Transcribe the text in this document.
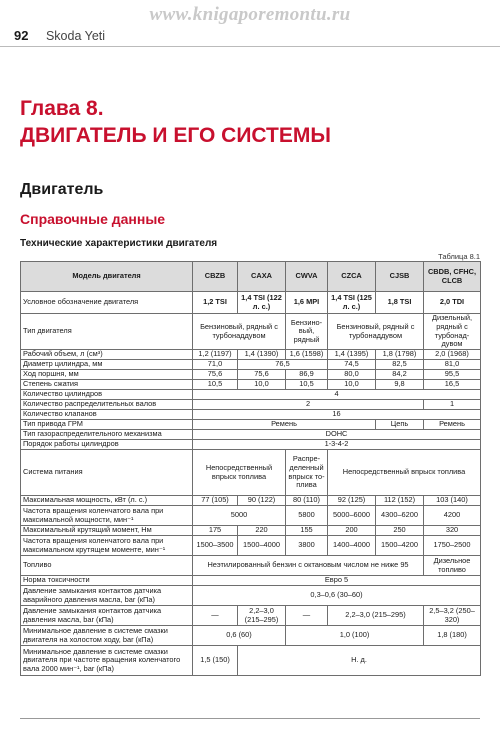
www.knigaporemontu.ru
92 Skoda Yeti
Глава 8.
ДВИГАТЕЛЬ И ЕГО СИСТЕМЫ
Двигатель
Справочные данные
Технические характеристики двигателя
Таблица 8.1
Модель двигателя	CBZB	CAXA	CWVA	CZCA	CJSB	CBDB, CFHC, CLCB
Условное обозначение двигателя	1,2 TSI	1,4 TSI (122 л. с.)	1,6 MPI	1,4 TSI (125 л. с.)	1,8 TSI	2,0 TDI
Тип двигателя	Бензиновый, рядный с турбонаддувом		Бензино-вый, рядный	Бензиновый, рядный с турбонаддувом		Дизельный, рядный с турбонад-дувом
Рабочий объем, л (см³)	1,2 (1197)	1,4 (1390)	1,6 (1598)	1,4 (1395)	1,8 (1798)	2,0 (1968)
Диаметр цилиндра, мм	71,0	76,5		74,5	82,5	81,0
Ход поршня, мм	75,6	75,6	86,9	80,0	84,2	95,5
Степень сжатия	10,5	10,0	10,5	10,0	9,8	16,5
Количество цилиндров	4					
Количество распределительных валов	2					1
Количество клапанов	16					
Тип привода ГРМ	Ремень				Цепь	Ремень
Тип газораспределительного механизма	DOHC					
Порядок работы цилиндров	1-3-4-2					
Система питания	Непосредственный впрыск топлива		Распре-деленный впрыск то-плива	Непосредственный впрыск топлива		
Максимальная мощность, кВт (л. с.)	77 (105)	90 (122)	80 (110)	92 (125)	112 (152)	103 (140)
Частота вращения коленчатого вала при максимальной мощности, мин⁻¹	5000		5800	5000–6000	4300–6200	4200
Максимальный крутящий момент, Нм	175	220	155	200	250	320
Частота вращения коленчатого вала при максимальном крутящем моменте, мин⁻¹	1500–3500	1500–4000	3800	1400–4000	1500–4200	1750–2500
Топливо	Неэтилированный бензин с октановым числом не ниже 95					Дизельное топливо
Норма токсичности	Евро 5					
Давление замыкания контактов датчика аварийного давления масла, bar (кПа)	0,3–0,6 (30–60)					
Давление замыкания контактов датчика давления масла, bar (кПа)	—	2,2–3,0 (215–295)	—	2,2–3,0 (215–295)		2,5–3,2 (250–320)
Минимальное давление в системе смазки двигателя на холостом ходу, bar (кПа)	0,6 (60)		1,0 (100)			1,8 (180)
Минимальное давление в системе смазки двигателя при частоте вращения коленчатого вала 2000 мин⁻¹, bar (кПа)	1,5 (150)	Н. д.				
